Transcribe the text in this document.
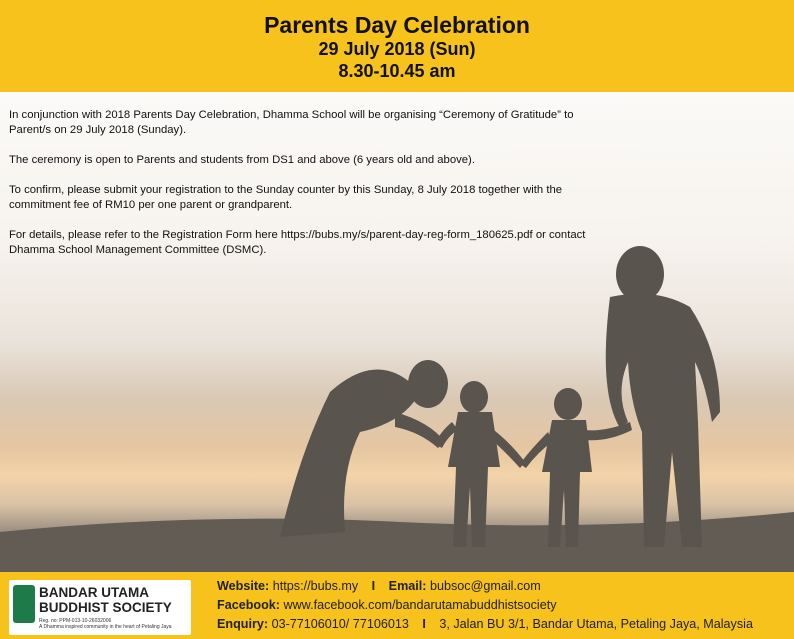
Parents Day Celebration
29 July 2018 (Sun)
8.30-10.45 am

In conjunction with 2018 Parents Day Celebration, Dhamma School will be organising “Ceremony of Gratitude” to Parent/s on 29 July 2018 (Sunday).

The ceremony is open to Parents and students from DS1 and above (6 years old and above).

To confirm, please submit your registration to the Sunday counter by this Sunday, 8 July 2018 together with the commitment fee of RM10 per one parent or grandparent.

For details, please refer to the Registration Form here https://bubs.my/s/parent-day-reg-form_180625.pdf or contact Dhamma School Management Committee (DSMC).

BANDAR UTAMA
BUDDHIST SOCIETY
Reg. no: PPM-013-10-26032006
A Dhamma inspired community in the heart of Petaling Jaya
Website: https://bubs.my I Email: bubsoc@gmail.com
Facebook: www.facebook.com/bandarutamabuddhistsociety
Enquiry: 03-77106010/ 77106013 I 3, Jalan BU 3/1, Bandar Utama, Petaling Jaya, Malaysia
